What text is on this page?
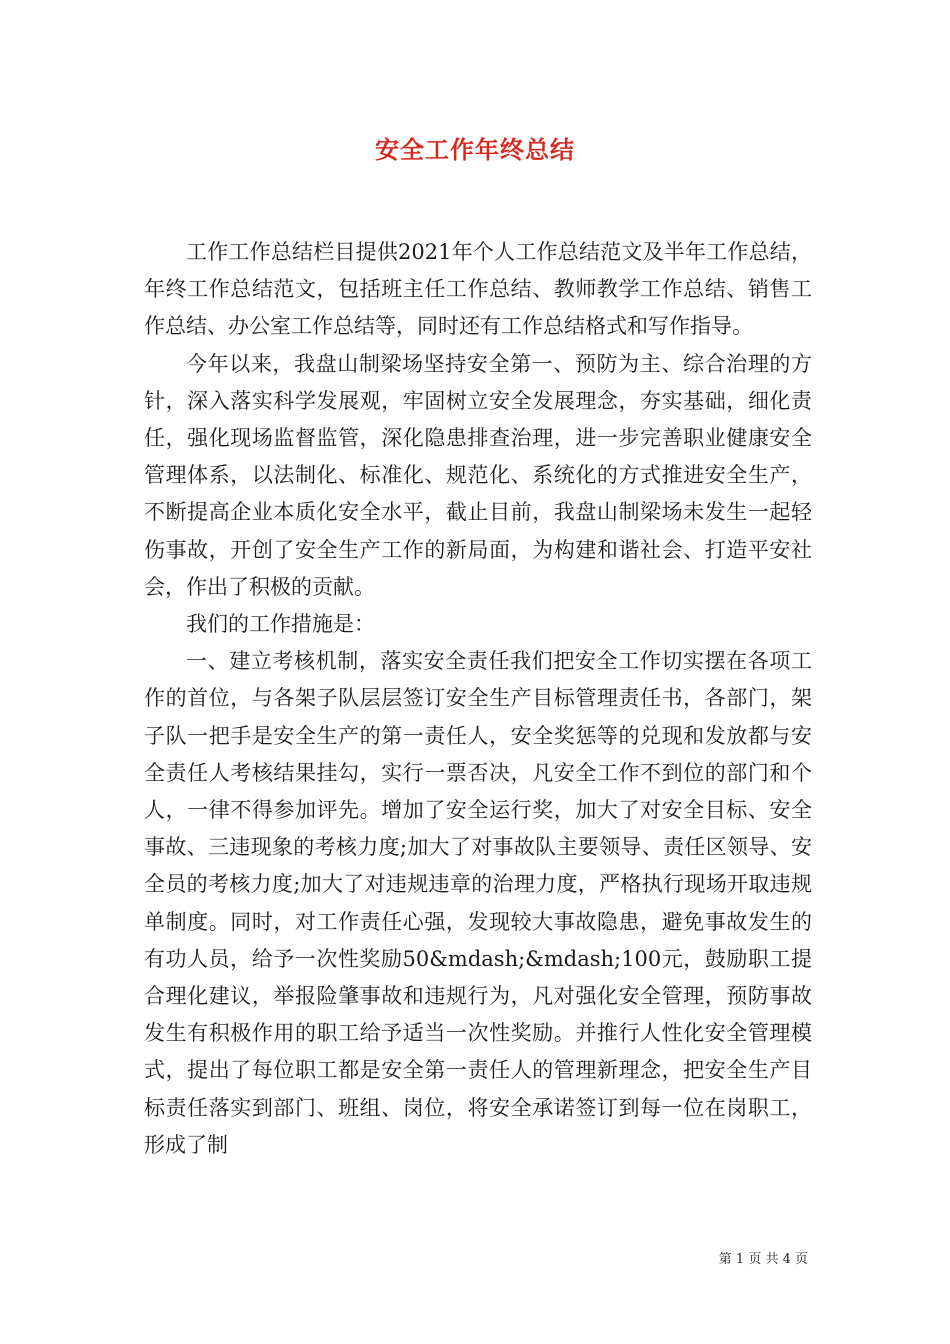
安全工作年终总结

工作工作总结栏目提供2021年个人工作总结范文及半年工作总结，年终工作总结范文，包括班主任工作总结、教师教学工作总结、销售工作总结、办公室工作总结等，同时还有工作总结格式和写作指导。

今年以来，我盘山制梁场坚持安全第一、预防为主、综合治理的方针，深入落实科学发展观，牢固树立安全发展理念，夯实基础，细化责任，强化现场监督监管，深化隐患排查治理，进一步完善职业健康安全管理体系，以法制化、标准化、规范化、系统化的方式推进安全生产，不断提高企业本质化安全水平，截止目前，我盘山制梁场未发生一起轻伤事故，开创了安全生产工作的新局面，为构建和谐社会、打造平安社会，作出了积极的贡献。

我们的工作措施是：

一、建立考核机制，落实安全责任我们把安全工作切实摆在各项工作的首位，与各架子队层层签订安全生产目标管理责任书，各部门，架子队一把手是安全生产的第一责任人，安全奖惩等的兑现和发放都与安全责任人考核结果挂勾，实行一票否决，凡安全工作不到位的部门和个人，一律不得参加评先。增加了安全运行奖，加大了对安全目标、安全事故、三违现象的考核力度;加大了对事故队主要领导、责任区领导、安全员的考核力度;加大了对违规违章的治理力度，严格执行现场开取违规单制度。同时，对工作责任心强，发现较大事故隐患，避免事故发生的有功人员，给予一次性奖励50&mdash;&mdash;100元，鼓励职工提合理化建议，举报险肇事故和违规行为，凡对强化安全管理，预防事故发生有积极作用的职工给予适当一次性奖励。并推行人性化安全管理模式，提出了每位职工都是安全第一责任人的管理新理念，把安全生产目标责任落实到部门、班组、岗位，将安全承诺签订到每一位在岗职工，形成了制

第 1 页 共 4 页
